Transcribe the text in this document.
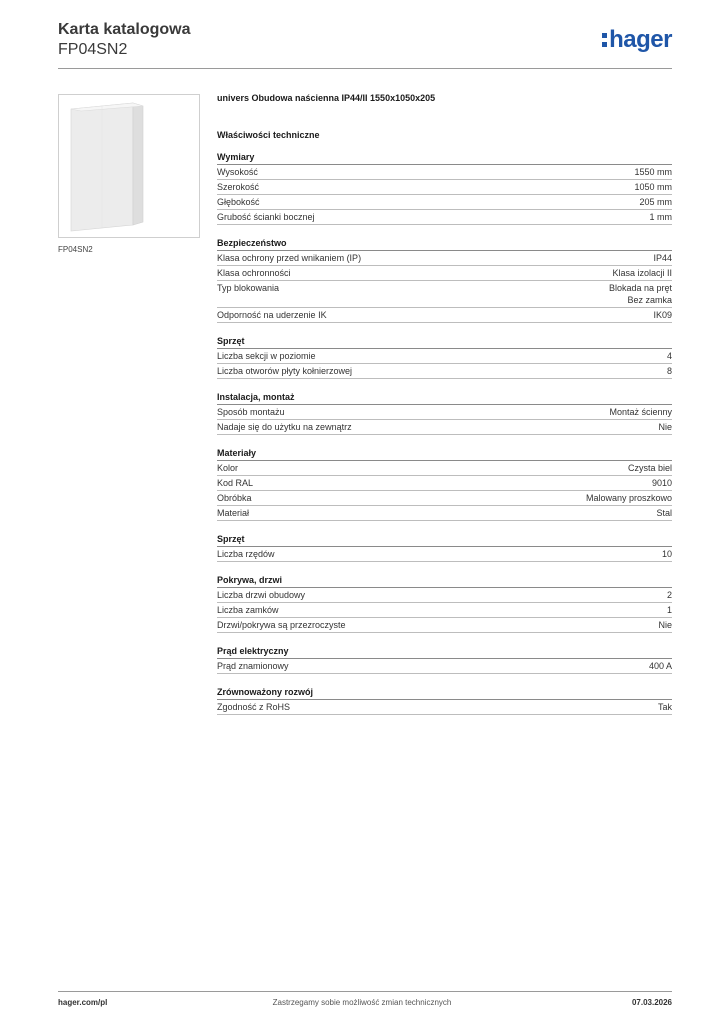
Karta katalogowa
FP04SN2	hager
FP04SN2
univers Obudowa naścienna IP44/II 1550x1050x205
Właściwości techniczne
Wymiary
Wysokość	1550 mm
Szerokość	1050 mm
Głębokość	205 mm
Grubość ścianki bocznej	1 mm
Bezpieczeństwo
Klasa ochrony przed wnikaniem (IP)	IP44
Klasa ochronności	Klasa izolacji II
Typ blokowania	Blokada na pręt
Bez zamka
Odporność na uderzenie IK	IK09
Sprzęt
Liczba sekcji w poziomie	4
Liczba otworów płyty kołnierzowej	8
Instalacja, montaż
Sposób montażu	Montaż ścienny
Nadaje się do użytku na zewnątrz	Nie
Materiały
Kolor	Czysta biel
Kod RAL	9010
Obróbka	Malowany proszkowo
Materiał	Stal
Sprzęt
Liczba rzędów	10
Pokrywa, drzwi
Liczba drzwi obudowy	2
Liczba zamków	1
Drzwi/pokrywa są przezroczyste	Nie
Prąd elektryczny
Prąd znamionowy	400 A
Zrównoważony rozwój
Zgodność z RoHS	Tak
hager.com/pl	Zastrzegamy sobie możliwość zmian technicznych	07.03.2026
